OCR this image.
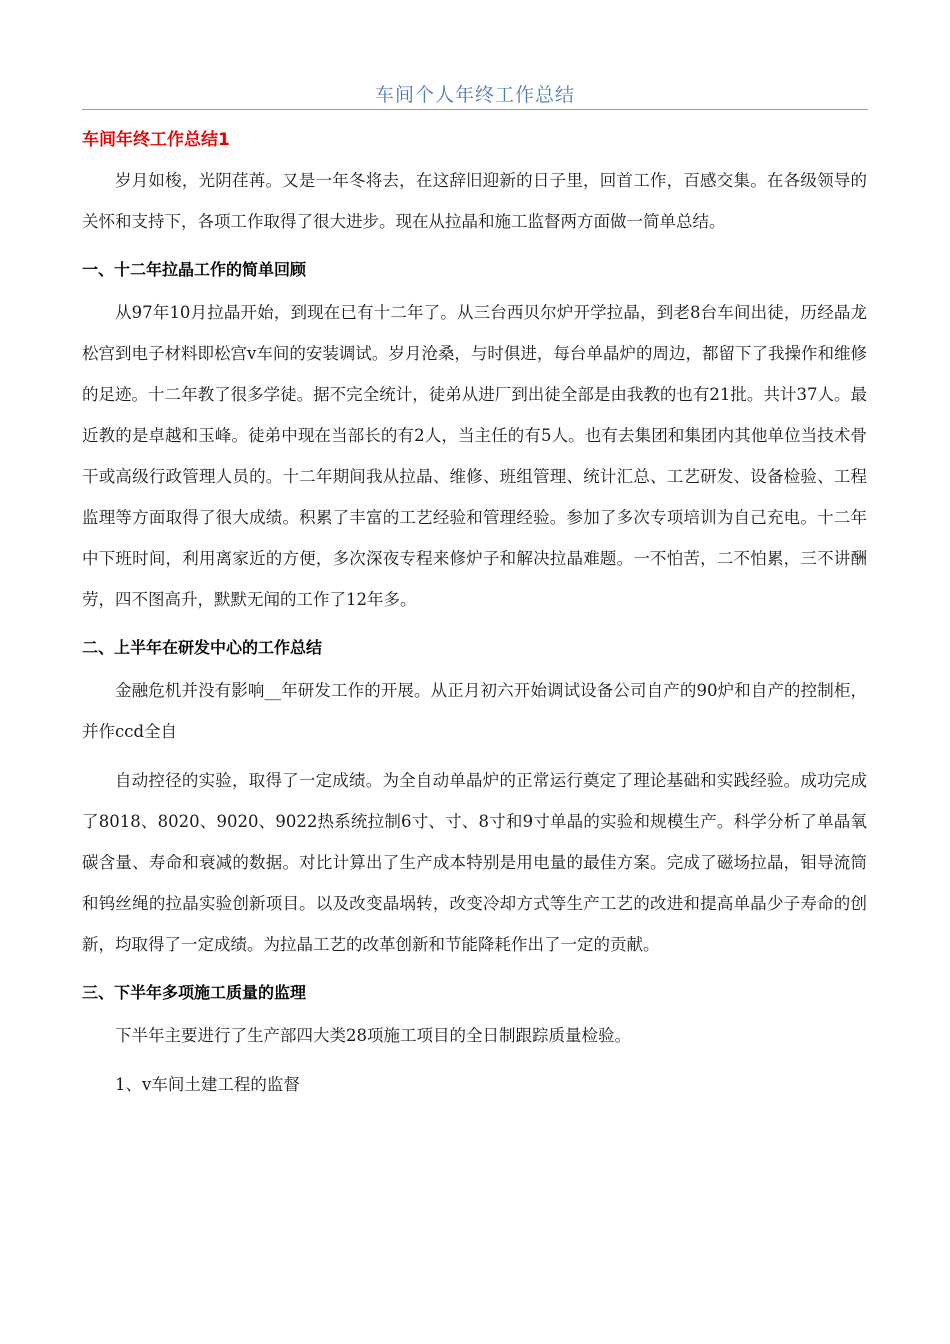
车间个人年终工作总结

车间年终工作总结1

岁月如梭，光阴荏苒。又是一年冬将去，在这辞旧迎新的日子里，回首工作，百感交集。在各级领导的关怀和支持下，各项工作取得了很大进步。现在从拉晶和施工监督两方面做一简单总结。

一、十二年拉晶工作的简单回顾

从97年10月拉晶开始，到现在已有十二年了。从三台西贝尔炉开学拉晶，到老8台车间出徒，历经晶龙松宫到电子材料即松宫v车间的安装调试。岁月沧桑，与时俱进，每台单晶炉的周边，都留下了我操作和维修的足迹。十二年教了很多学徒。据不完全统计，徒弟从进厂到出徒全部是由我教的也有21批。共计37人。最近教的是卓越和玉峰。徒弟中现在当部长的有2人，当主任的有5人。也有去集团和集团内其他单位当技术骨干或高级行政管理人员的。十二年期间我从拉晶、维修、班组管理、统计汇总、工艺研发、设备检验、工程监理等方面取得了很大成绩。积累了丰富的工艺经验和管理经验。参加了多次专项培训为自己充电。十二年中下班时间，利用离家近的方便，多次深夜专程来修炉子和解决拉晶难题。一不怕苦，二不怕累，三不讲酬劳，四不图高升，默默无闻的工作了12年多。

二、上半年在研发中心的工作总结

金融危机并没有影响__年研发工作的开展。从正月初六开始调试设备公司自产的90炉和自产的控制柜，并作ccd全自

自动控径的实验，取得了一定成绩。为全自动单晶炉的正常运行奠定了理论基础和实践经验。成功完成了8018、8020、9020、9022热系统拉制6寸、寸、8寸和9寸单晶的实验和规模生产。科学分析了单晶氧碳含量、寿命和衰减的数据。对比计算出了生产成本特别是用电量的最佳方案。完成了磁场拉晶，钼导流筒和钨丝绳的拉晶实验创新项目。以及改变晶埚转，改变冷却方式等生产工艺的改进和提高单晶少子寿命的创新，均取得了一定成绩。为拉晶工艺的改革创新和节能降耗作出了一定的贡献。

三、下半年多项施工质量的监理

下半年主要进行了生产部四大类28项施工项目的全日制跟踪质量检验。

1、v车间土建工程的监督
